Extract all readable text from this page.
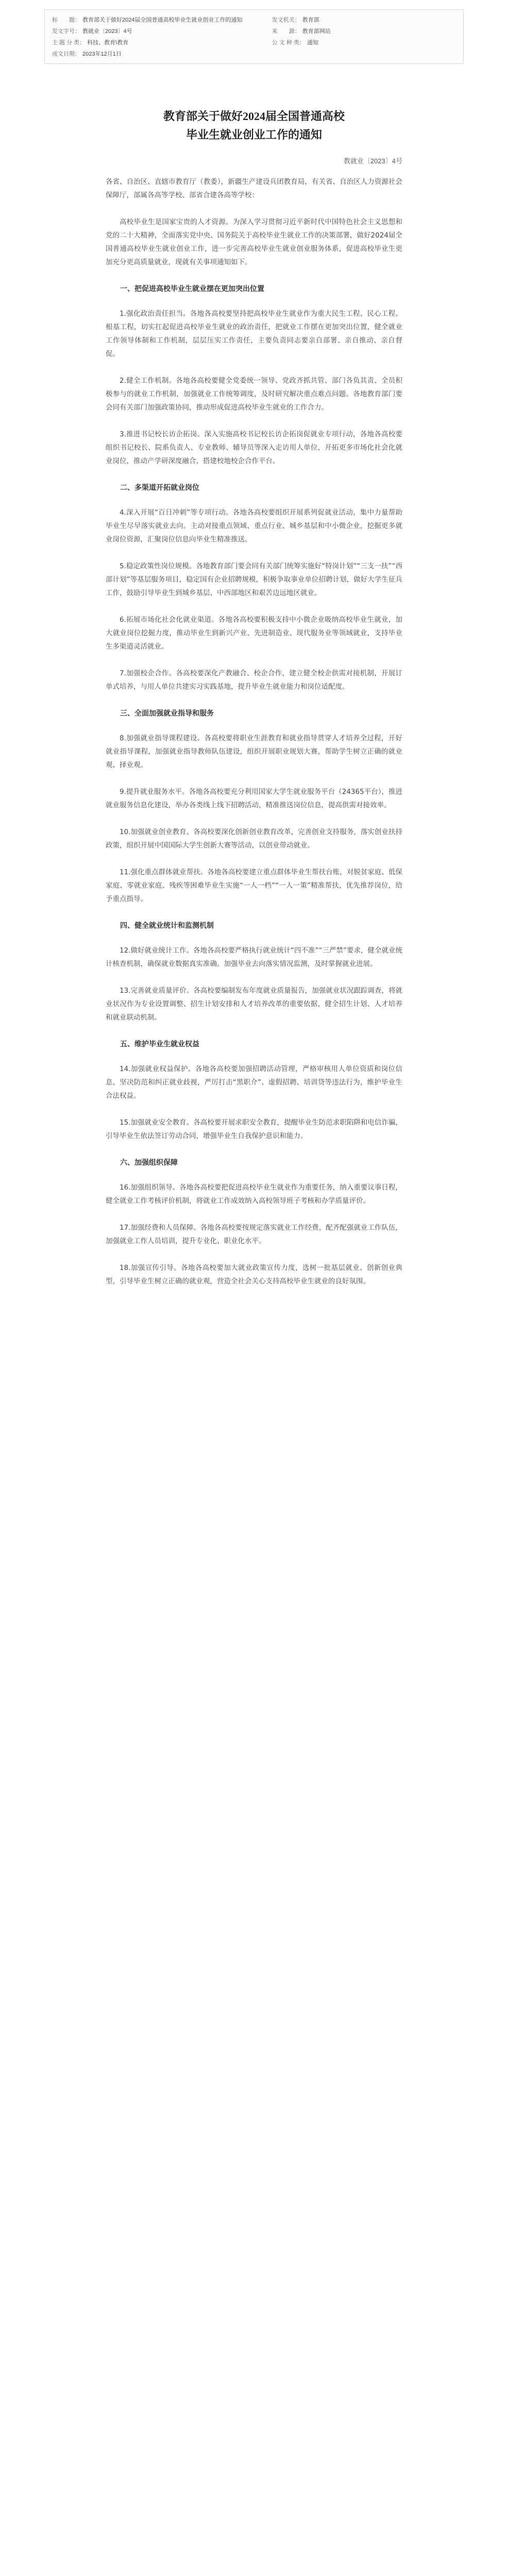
标　　题： 教育部关于做好2024届全国普通高校毕业生就业创业工作的通知	发文机关： 教育部
发文字号： 教就业〔2023〕4号	来　　源： 教育部网站
主 题 分 类： 科技、教育\教育	公 文 种 类： 通知
成文日期： 2023年12月1日
教育部关于做好2024届全国普通高校
毕业生就业创业工作的通知
教就业〔2023〕4号

各省、自治区、直辖市教育厅（教委），新疆生产建设兵团教育局，有关省、自治区人力资源社会保障厅，部属各高等学校、部省合建各高等学校：

高校毕业生是国家宝贵的人才资源。为深入学习贯彻习近平新时代中国特色社会主义思想和党的二十大精神，全面落实党中央、国务院关于高校毕业生就业工作的决策部署，做好2024届全国普通高校毕业生就业创业工作，进一步完善高校毕业生就业创业服务体系，促进高校毕业生更加充分更高质量就业，现就有关事项通知如下。

一、把促进高校毕业生就业摆在更加突出位置

1.强化政治责任担当。各地各高校要坚持把高校毕业生就业作为重大民生工程、民心工程、根基工程，切实扛起促进高校毕业生就业的政治责任，把就业工作摆在更加突出位置，健全就业工作领导体制和工作机制，层层压实工作责任，主要负责同志要亲自部署、亲自推动、亲自督促。

2.健全工作机制。各地各高校要健全党委统一领导、党政齐抓共管、部门各负其责、全员积极参与的就业工作机制，加强就业工作统筹调度，及时研究解决重点难点问题。各地教育部门要会同有关部门加强政策协同，推动形成促进高校毕业生就业的工作合力。

3.推进书记校长访企拓岗。深入实施高校书记校长访企拓岗促就业专项行动，各地各高校要组织书记校长、院系负责人、专业教师、辅导员等深入走访用人单位，开拓更多市场化社会化就业岗位，推动产学研深度融合，搭建校地校企合作平台。

二、多渠道开拓就业岗位

4.深入开展“百日冲刺”等专项行动。各地各高校要组织开展系列促就业活动，集中力量帮助毕业生尽早落实就业去向。主动对接重点领域、重点行业、城乡基层和中小微企业，挖掘更多就业岗位资源，汇聚岗位信息向毕业生精准推送。

5.稳定政策性岗位规模。各地教育部门要会同有关部门统筹实施好“特岗计划”“三支一扶”“西部计划”等基层服务项目，稳定国有企业招聘规模，积极争取事业单位招聘计划，做好大学生征兵工作，鼓励引导毕业生到城乡基层、中西部地区和艰苦边远地区就业。

6.拓展市场化社会化就业渠道。各地各高校要积极支持中小微企业吸纳高校毕业生就业，加大就业岗位挖掘力度，推动毕业生到新兴产业、先进制造业、现代服务业等领域就业，支持毕业生多渠道灵活就业。

7.加强校企合作。各高校要深化产教融合、校企合作，建立健全校企供需对接机制，开展订单式培养，与用人单位共建实习实践基地，提升毕业生就业能力和岗位适配度。

三、全面加强就业指导和服务

8.加强就业指导课程建设。各高校要将职业生涯教育和就业指导贯穿人才培养全过程，开好就业指导课程，加强就业指导教师队伍建设，组织开展职业规划大赛，帮助学生树立正确的就业观、择业观。

9.提升就业服务水平。各地各高校要充分利用国家大学生就业服务平台（24365平台），推进就业服务信息化建设，举办各类线上线下招聘活动，精准推送岗位信息，提高供需对接效率。

10.加强就业创业教育。各高校要深化创新创业教育改革，完善创业支持服务，落实创业扶持政策，组织开展中国国际大学生创新大赛等活动，以创业带动就业。

11.强化重点群体就业帮扶。各地各高校要建立重点群体毕业生帮扶台账，对脱贫家庭、低保家庭、零就业家庭、残疾等困难毕业生实施“一人一档”“一人一策”精准帮扶，优先推荐岗位，给予重点指导。

四、健全就业统计和监测机制

12.做好就业统计工作。各地各高校要严格执行就业统计“四不准”“三严禁”要求，健全就业统计核查机制，确保就业数据真实准确。加强毕业去向落实情况监测，及时掌握就业进展。

13.完善就业质量评价。各高校要编制发布年度就业质量报告，加强就业状况跟踪调查，将就业状况作为专业设置调整、招生计划安排和人才培养改革的重要依据，健全招生计划、人才培养和就业联动机制。

五、维护毕业生就业权益

14.加强就业权益保护。各地各高校要加强招聘活动管理，严格审核用人单位资质和岗位信息，坚决防范和纠正就业歧视，严厉打击“黑职介”、虚假招聘、培训贷等违法行为，维护毕业生合法权益。

15.加强就业安全教育。各高校要开展求职安全教育，提醒毕业生防范求职陷阱和电信诈骗，引导毕业生依法签订劳动合同，增强毕业生自我保护意识和能力。

六、加强组织保障

16.加强组织领导。各地各高校要把促进高校毕业生就业作为重要任务，纳入重要议事日程，健全就业工作考核评价机制，将就业工作成效纳入高校领导班子考核和办学质量评价。

17.加强经费和人员保障。各地各高校要按规定落实就业工作经费，配齐配强就业工作队伍，加强就业工作人员培训，提升专业化、职业化水平。

18.加强宣传引导。各地各高校要加大就业政策宣传力度，选树一批基层就业、创新创业典型，引导毕业生树立正确的就业观，营造全社会关心支持高校毕业生就业的良好氛围。
